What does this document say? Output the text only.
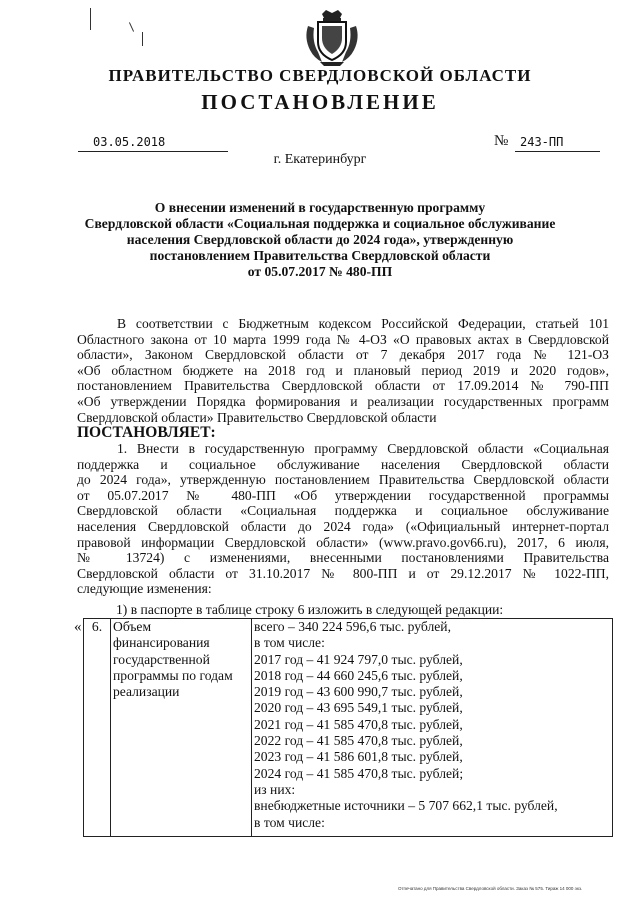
ПРАВИТЕЛЬСТВО СВЕРДЛОВСКОЙ ОБЛАСТИ
ПОСТАНОВЛЕНИЕ
03.05.2018	№ 243-ПП
г. Екатеринбург
О внесении изменений в государственную программу
Свердловской области «Социальная поддержка и социальное обслуживание
населения Свердловской области до 2024 года», утвержденную
постановлением Правительства Свердловской области
от 05.07.2017 № 480-ПП
В соответствии с Бюджетным кодексом Российской Федерации, статьей 101
Областного закона от 10 марта 1999 года № 4-ОЗ «О правовых актах в Свердловской
области», Законом Свердловской области от 7 декабря 2017 года № 121-ОЗ
«Об областном бюджете на 2018 год и плановый период 2019 и 2020 годов»,
постановлением Правительства Свердловской области от 17.09.2014 № 790-ПП
«Об утверждении Порядка формирования и реализации государственных программ
Свердловской области» Правительство Свердловской области
ПОСТАНОВЛЯЕТ:
1. Внести в государственную программу Свердловской области «Социальная
поддержка и социальное обслуживание населения Свердловской области
до 2024 года», утвержденную постановлением Правительства Свердловской области
от 05.07.2017 № 480-ПП «Об утверждении государственной программы
Свердловской области «Социальная поддержка и социальное обслуживание
населения Свердловской области до 2024 года» («Официальный интернет-портал
правовой информации Свердловской области» (www.pravo.gov66.ru), 2017, 6 июля,
№ 13724) с изменениями, внесенными постановлениями Правительства
Свердловской области от 31.10.2017 № 800-ПП и от 29.12.2017 № 1022-ПП,
следующие изменения:
1) в паспорте в таблице строку 6 изложить в следующей редакции:
« 6.	Объем
финансирования
государственной
программы по годам
реализации

всего – 340 224 596,6 тыс. рублей,
в том числе:
2017 год – 41 924 797,0 тыс. рублей,
2018 год – 44 660 245,6 тыс. рублей,
2019 год – 43 600 990,7 тыс. рублей,
2020 год – 43 695 549,1 тыс. рублей,
2021 год – 41 585 470,8 тыс. рублей,
2022 год – 41 585 470,8 тыс. рублей,
2023 год – 41 586 601,8 тыс. рублей,
2024 год – 41 585 470,8 тыс. рублей;
из них:
внебюджетные источники – 5 707 662,1 тыс. рублей,
в том числе:
Отпечатано для Правительства Свердловской области. Заказ № 575. Тираж 14 000 экз.
